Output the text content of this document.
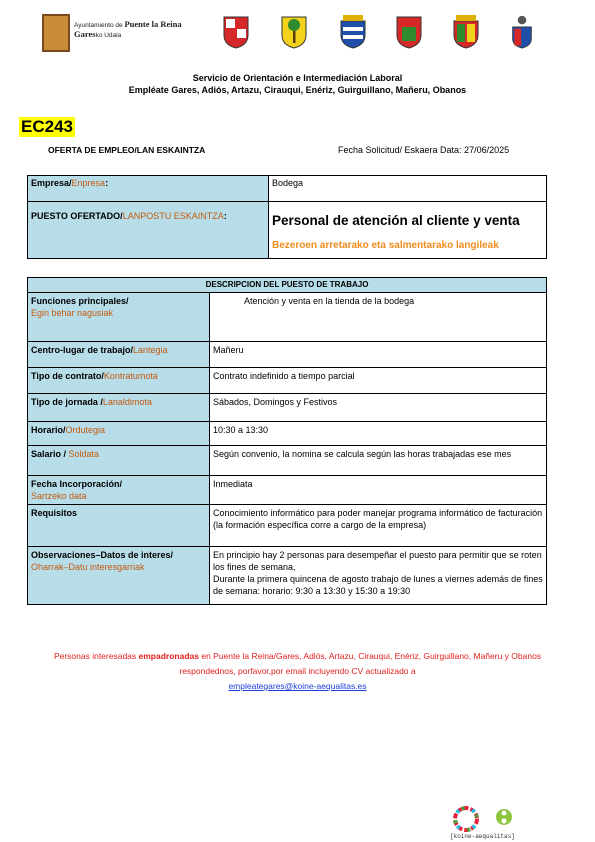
Ayuntamiento de Puente la Reina
Garesko Udala
Servicio de Orientación e Intermediación Laboral
Empléate Gares, Adiós, Artazu, Cirauqui, Enériz, Guirguillano, Mañeru, Obanos
EC243
OFERTA DE EMPLEO/LAN ESKAINTZA	Fecha Solicitud/ Eskaera Data: 27/06/2025
Empresa/Enpresa:	Bodega
PUESTO OFERTADO/LANPOSTU ESKAINTZA:	Personal de atención al cliente y venta
Bezeroen arretarako eta salmentarako langileak
DESCRIPCION DEL PUESTO DE TRABAJO	
Funciones principales/
Egin behar nagusiak	Atención y venta en la tienda de la bodega
Centro-lugar de trabajo/Lantegia	Mañeru
Tipo de contrato/Kontratumota	Contrato indefinido a tiempo parcial
Tipo de jornada /Lanaldimota	Sábados, Domingos y Festivos
Horario/Ordutegia	10:30 a 13:30
Salario / Soldata	Según convenio, la nomina se calcula según las horas trabajadas ese mes
Fecha Incorporación/
Sartzeko data	Inmediata
Requisitos	Conocimiento informático para poder manejar programa informático de facturación (la formación específica corre a cargo de la empresa)
Observaciones–Datos de interes/
Oharrak–Datu interesgarriak	En principio hay 2 personas para desempeñar el puesto para permitir que se roten los fines de semana,
Durante la primera quincena de agosto trabajo de lunes a viernes además de fines de semana: horario: 9:30 a 13:30 y 15:30 a 19:30
Personas interesadas empadronadas en Puente la Reina/Gares, Adiós, Artazu, Cirauqui, Enériz, Guirguillano, Mañeru y Obanos respondednos, porfavor,por email incluyendo CV actualizado a
empleategares@koine-aequalitas.es
[koine-aequalitas]
